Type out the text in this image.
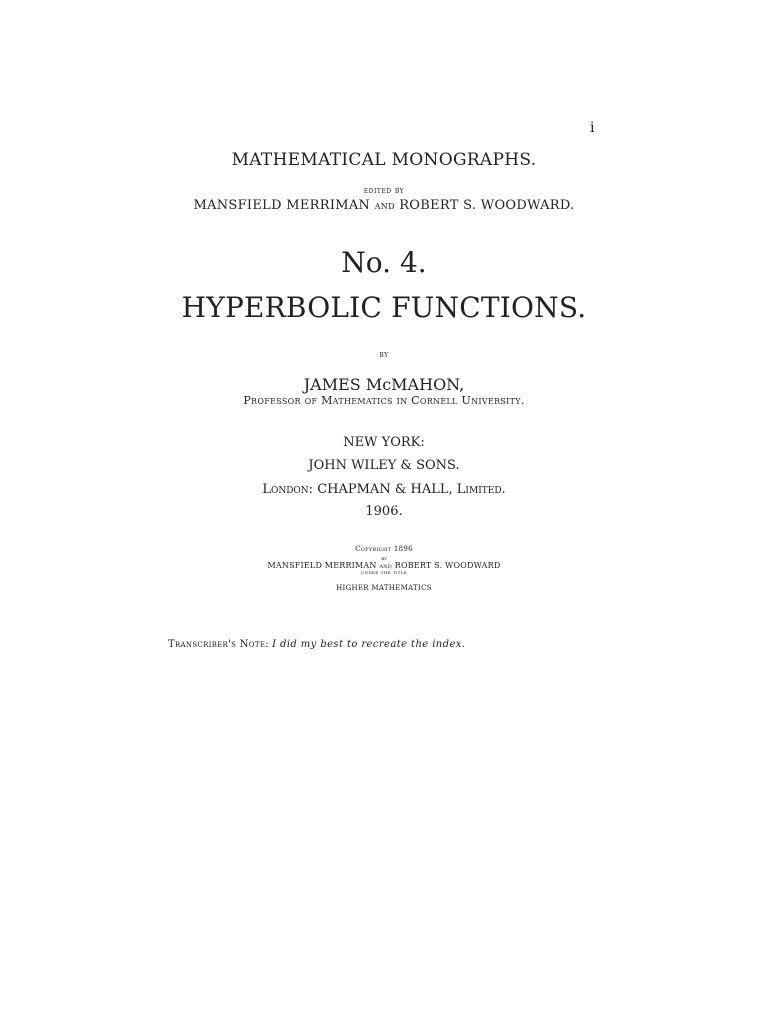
i
MATHEMATICAL MONOGRAPHS.
edited by
MANSFIELD MERRIMAN and ROBERT S. WOODWARD.
No. 4.
HYPERBOLIC FUNCTIONS.
by
JAMES McMAHON,
Professor of Mathematics in Cornell University.
NEW YORK:
JOHN WILEY & SONS.
London: CHAPMAN & HALL, Limited.
1906.
Copyright 1896
by
MANSFIELD MERRIMAN and ROBERT S. WOODWARD
under the title
HIGHER MATHEMATICS
Transcriber's Note: I did my best to recreate the index.
